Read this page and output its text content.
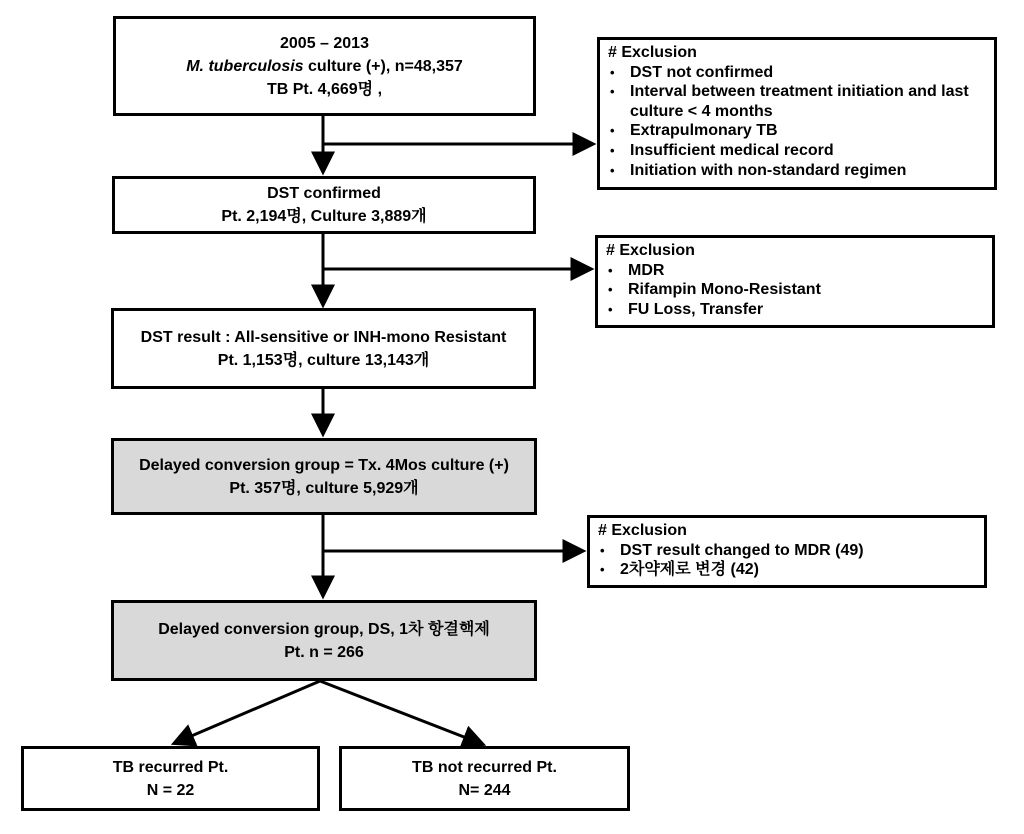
2005 – 2013
M. tuberculosis culture (+), n=48,357
TB Pt. 4,669명 ,
DST confirmed
Pt. 2,194명, Culture 3,889개
DST result : All-sensitive or INH-mono Resistant
Pt. 1,153명, culture 13,143개
Delayed conversion group = Tx. 4Mos culture (+)
Pt. 357명, culture 5,929개
Delayed conversion group, DS, 1차 항결핵제
Pt. n = 266
TB recurred Pt.
N = 22
TB not recurred Pt.
N= 244
# Exclusion
• DST not confirmed
• Interval between treatment initiation and last culture < 4 months
• Extrapulmonary TB
• Insufficient medical record
• Initiation with non-standard regimen
# Exclusion
• MDR
• Rifampin Mono-Resistant
• FU Loss, Transfer
# Exclusion
• DST result changed to MDR (49)
• 2차약제로 변경 (42)
